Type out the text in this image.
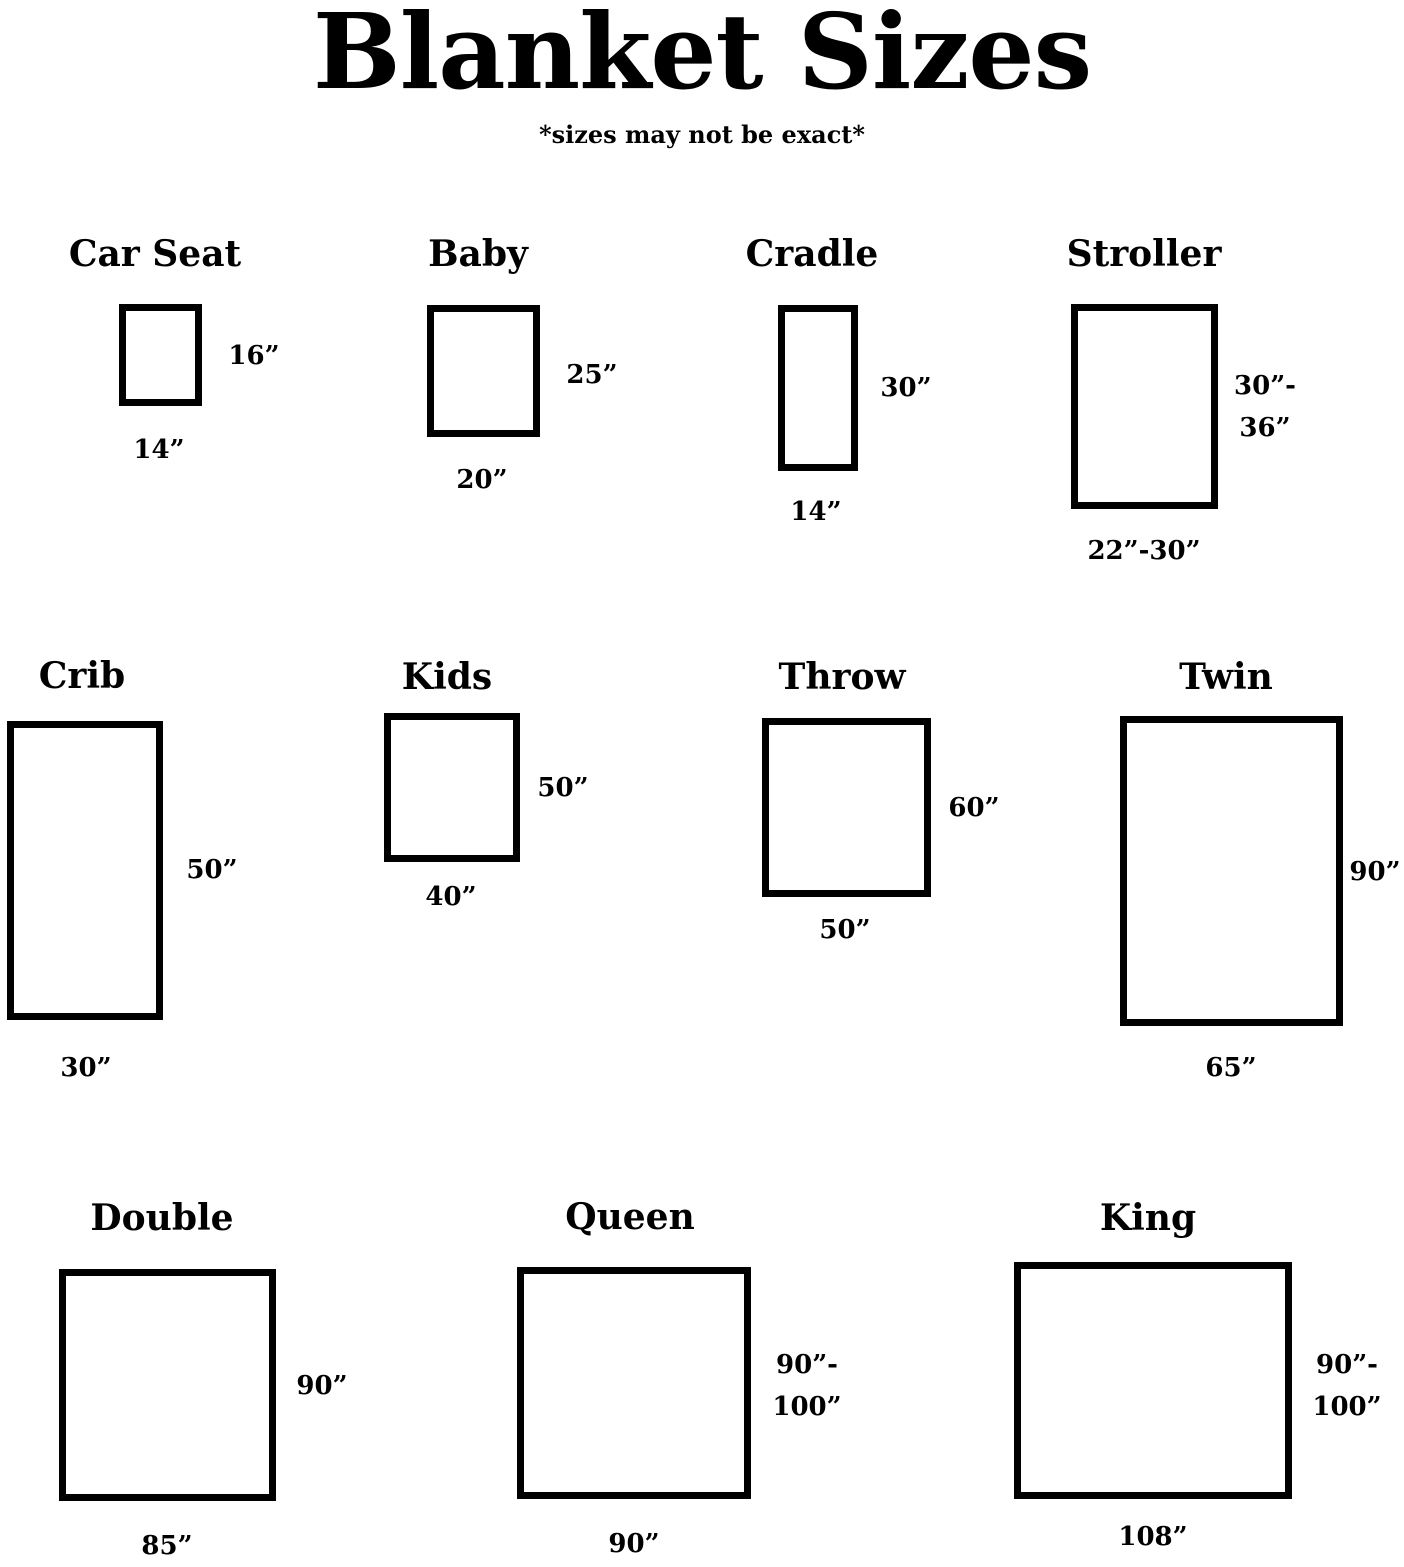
Blanket Sizes
*sizes may not be exact*
Car Seat
16”
14”
Baby
25”
20”
Cradle
30”
14”
Stroller
30”-
36”
22”-30”
Crib
50”
30”
Kids
50”
40”
Throw
60”
50”
Twin
90”
65”
Double
90”
85”
Queen
90”-
100”
90”
King
90”-
100”
108”
